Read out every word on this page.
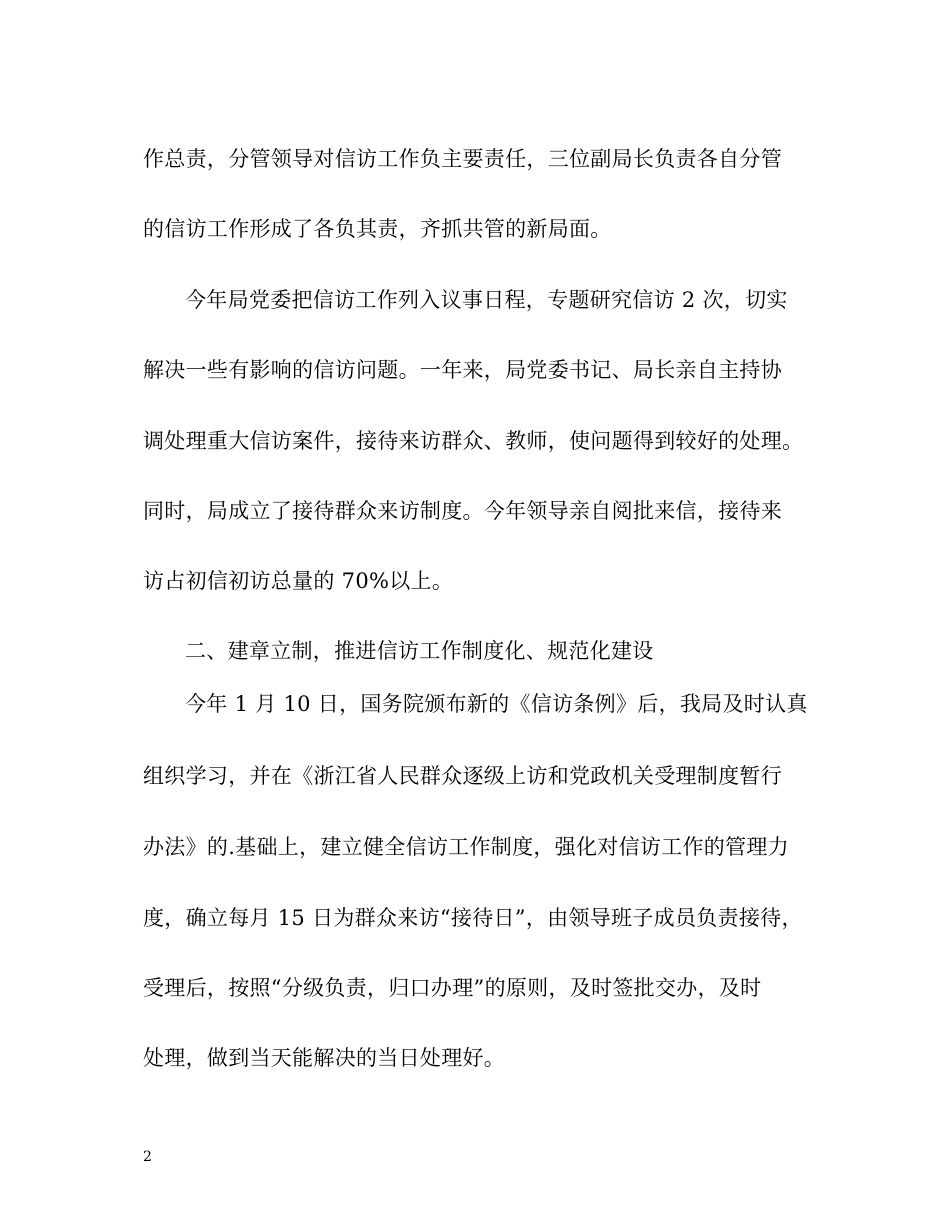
作总责，分管领导对信访工作负主要责任，三位副局长负责各自分管
的信访工作形成了各负其责，齐抓共管的新局面。
今年局党委把信访工作列入议事日程，专题研究信访 2 次，切实
解决一些有影响的信访问题。一年来，局党委书记、局长亲自主持协
调处理重大信访案件，接待来访群众、教师，使问题得到较好的处理。
同时，局成立了接待群众来访制度。今年领导亲自阅批来信，接待来
访占初信初访总量的 70%以上。
二、建章立制，推进信访工作制度化、规范化建设
今年 1 月 10 日，国务院颁布新的《信访条例》后，我局及时认真
组织学习，并在《浙江省人民群众逐级上访和党政机关受理制度暂行
办法》的.基础上，建立健全信访工作制度，强化对信访工作的管理力
度，确立每月 15 日为群众来访“接待日”，由领导班子成员负责接待，
受理后，按照“分级负责，归口办理”的原则，及时签批交办，及时
处理，做到当天能解决的当日处理好。
2
